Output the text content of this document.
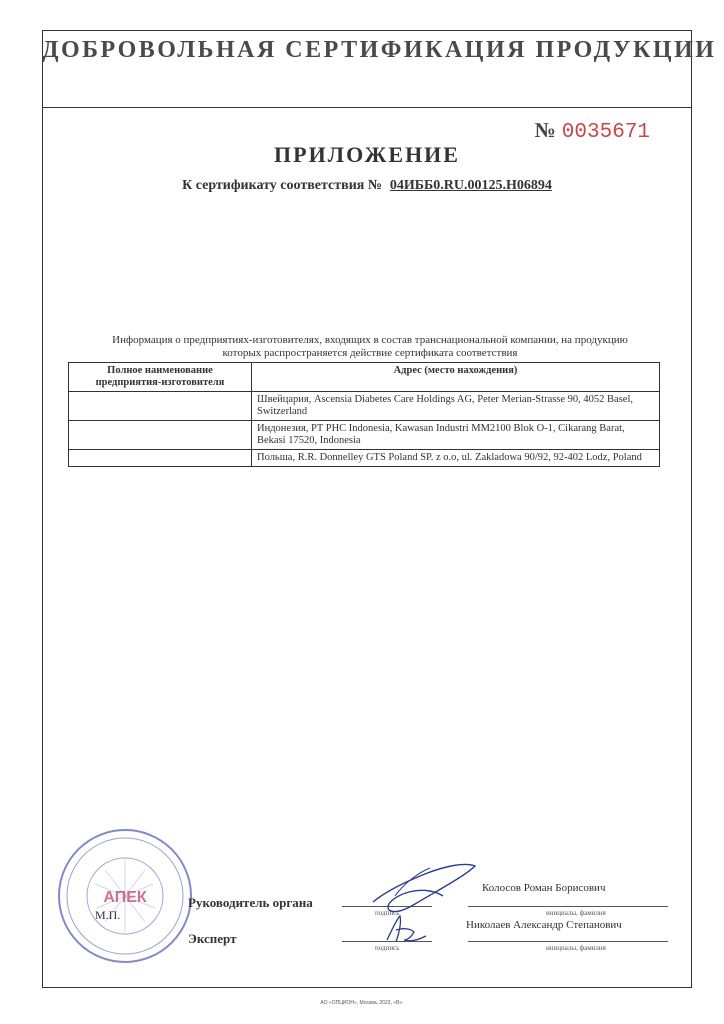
ДОБРОВОЛЬНАЯ СЕРТИФИКАЦИЯ ПРОДУКЦИИ
№ 0035671
ПРИЛОЖЕНИЕ
К сертификату соответствия № 04ИББ0.RU.00125.Н06894
Информация о предприятиях-изготовителях, входящих в состав транснациональной компании, на продукцию
которых распространяется действие сертификата соответствия
Полное наименование предприятия-изготовителя	Адрес (место нахождения)
	Швейцария, Ascensia Diabetes Care Holdings AG, Peter Merian-Strasse 90, 4052 Basel, Switzerland
	Индонезия, PT PHC Indonesia, Kawasan Industri MM2100 Blok O-1, Cikarang Barat, Bekasi 17520, Indonesia
	Польша, R.R. Donnelley GTS Poland SP. z o.o, ul. Zakladowa 90/92, 92-402 Lodz, Poland
АПЕК
М.П.
Руководитель органа
подпись
Колосов Роман Борисович
инициалы, фамилия
Эксперт
подпись
Николаев Александр Степанович
инициалы, фамилия
АО «ОПЦИОН», Москва, 2023, «В».
